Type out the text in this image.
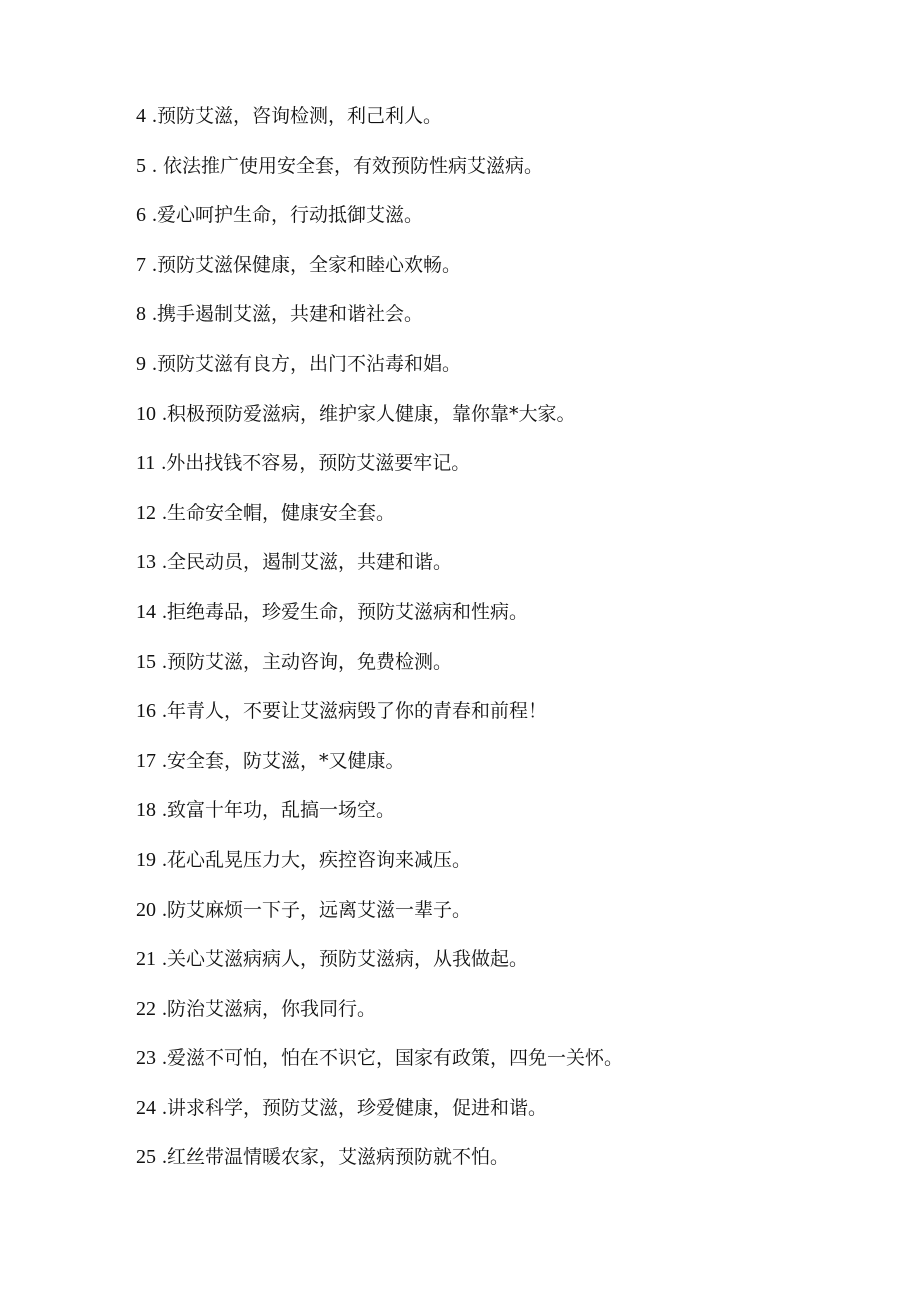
4 .预防艾滋，咨询检测，利己利人。
5 . 依法推广使用安全套，有效预防性病艾滋病。
6 .爱心呵护生命，行动抵御艾滋。
7 .预防艾滋保健康，全家和睦心欢畅。
8 .携手遏制艾滋，共建和谐社会。
9 .预防艾滋有良方，出门不沾毒和娼。
10 .积极预防爱滋病，维护家人健康，靠你靠*大家。
11 .外出找钱不容易，预防艾滋要牢记。
12 .生命安全帽，健康安全套。
13 .全民动员，遏制艾滋，共建和谐。
14 .拒绝毒品，珍爱生命，预防艾滋病和性病。
15 .预防艾滋，主动咨询，免费检测。
16 .年青人，不要让艾滋病毁了你的青春和前程！
17 .安全套，防艾滋，*又健康。
18 .致富十年功，乱搞一场空。
19 .花心乱晃压力大，疾控咨询来减压。
20 .防艾麻烦一下子，远离艾滋一辈子。
21 .关心艾滋病病人，预防艾滋病，从我做起。
22 .防治艾滋病，你我同行。
23 .爱滋不可怕，怕在不识它，国家有政策，四免一关怀。
24 .讲求科学，预防艾滋，珍爱健康，促进和谐。
25 .红丝带温情暖农家，艾滋病预防就不怕。
